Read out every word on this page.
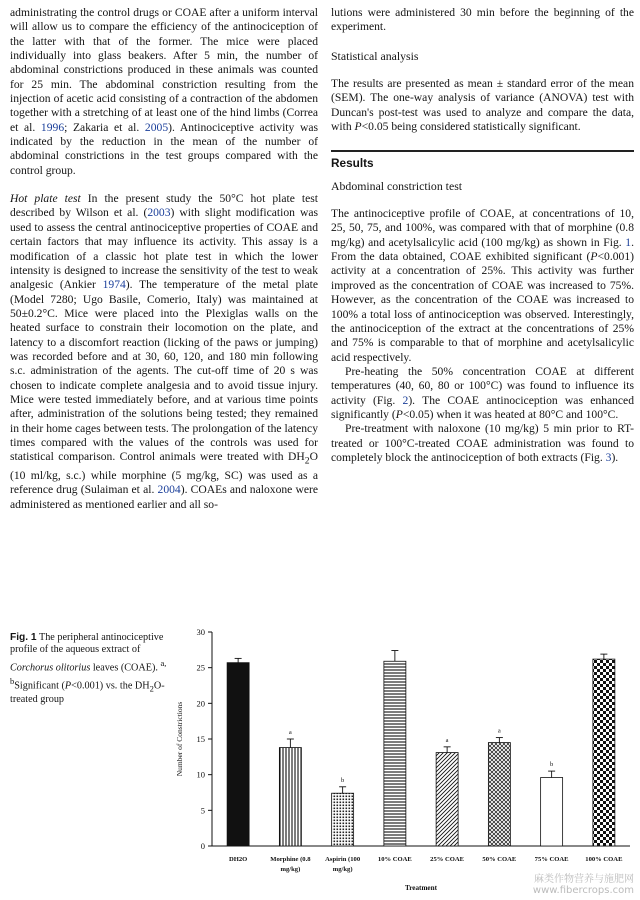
administrating the control drugs or COAE after a uniform interval will allow us to compare the efficiency of the antinociception of the latter with that of the former. The mice were placed individually into glass beakers. After 5 min, the number of abdominal constrictions produced in these animals was counted for 25 min. The abdominal constriction resulting from the injection of acetic acid consisting of a contraction of the abdomen together with a stretching of at least one of the hind limbs (Correa et al. 1996; Zakaria et al. 2005). Antinociceptive activity was indicated by the reduction in the mean of the number of abdominal constrictions in the test groups compared with the control group.

Hot plate test In the present study the 50°C hot plate test described by Wilson et al. (2003) with slight modification was used to assess the central antinociceptive properties of COAE and certain factors that may influence its activity. This assay is a modification of a classic hot plate test in which the lower intensity is designed to increase the sensitivity of the test to weak analgesic (Ankier 1974). The temperature of the metal plate (Model 7280; Ugo Basile, Comerio, Italy) was maintained at 50±0.2°C. Mice were placed into the Plexiglas walls on the heated surface to constrain their locomotion on the plate, and latency to a discomfort reaction (licking of the paws or jumping) was recorded before and at 30, 60, 120, and 180 min following s.c. administration of the agents. The cut-off time of 20 s was chosen to indicate complete analgesia and to avoid tissue injury. Mice were tested immediately before, and at various time points after, administration of the solutions being tested; they remained in their home cages between tests. The prolongation of the latency times compared with the values of the controls was used for statistical comparison. Control animals were treated with $DH_2O$ (10 ml/kg, s.c.) while morphine (5 mg/kg, SC) was used as a reference drug (Sulaiman et al. 2004). COAEs and naloxone were administered as mentioned earlier and all so-

lutions were administered 30 min before the beginning of the experiment.

Statistical analysis

The results are presented as mean ± standard error of the mean (SEM). The one-way analysis of variance (ANOVA) test with Duncan's post-test was used to analyze and compare the data, with P<0.05 being considered statistically significant.

Results

Abdominal constriction test

The antinociceptive profile of COAE, at concentrations of 10, 25, 50, 75, and 100%, was compared with that of morphine (0.8 mg/kg) and acetylsalicylic acid (100 mg/kg) as shown in Fig. 1. From the data obtained, COAE exhibited significant (P<0.001) activity at a concentration of 25%. This activity was further improved as the concentration of COAE was increased to 75%. However, as the concentration of the COAE was increased to 100% a total loss of antinociception was observed. Interestingly, the antinociception of the extract at the concentrations of 25% and 75% is comparable to that of morphine and acetylsalicylic acid respectively.

Pre-heating the 50% concentration COAE at different temperatures (40, 60, 80 or 100°C) was found to influence its activity (Fig. 2). The COAE antinociception was enhanced significantly (P<0.05) when it was heated at 80°C and 100°C.

Pre-treatment with naloxone (10 mg/kg) 5 min prior to RT-treated or 100°C-treated COAE administration was found to completely block the antinociception of both extracts (Fig. 3).

Fig. 1 The peripheral antinociceptive profile of the aqueous extract of Corchorus olitorius leaves (COAE). $^{a, b}$Significant (P<0.001) vs. the $DH_2O$-treated group
0
5
10
15
20
25
30
Number of Constrictions
DH2O
a
Morphine (0.8
mg/kg)
b
Aspirin (100
mg/kg)
10% COAE
a
25% COAE
a
50% COAE
b
75% COAE	100% COAE
Treatment
麻类作物营养与施肥网
www.fibercrops.com
